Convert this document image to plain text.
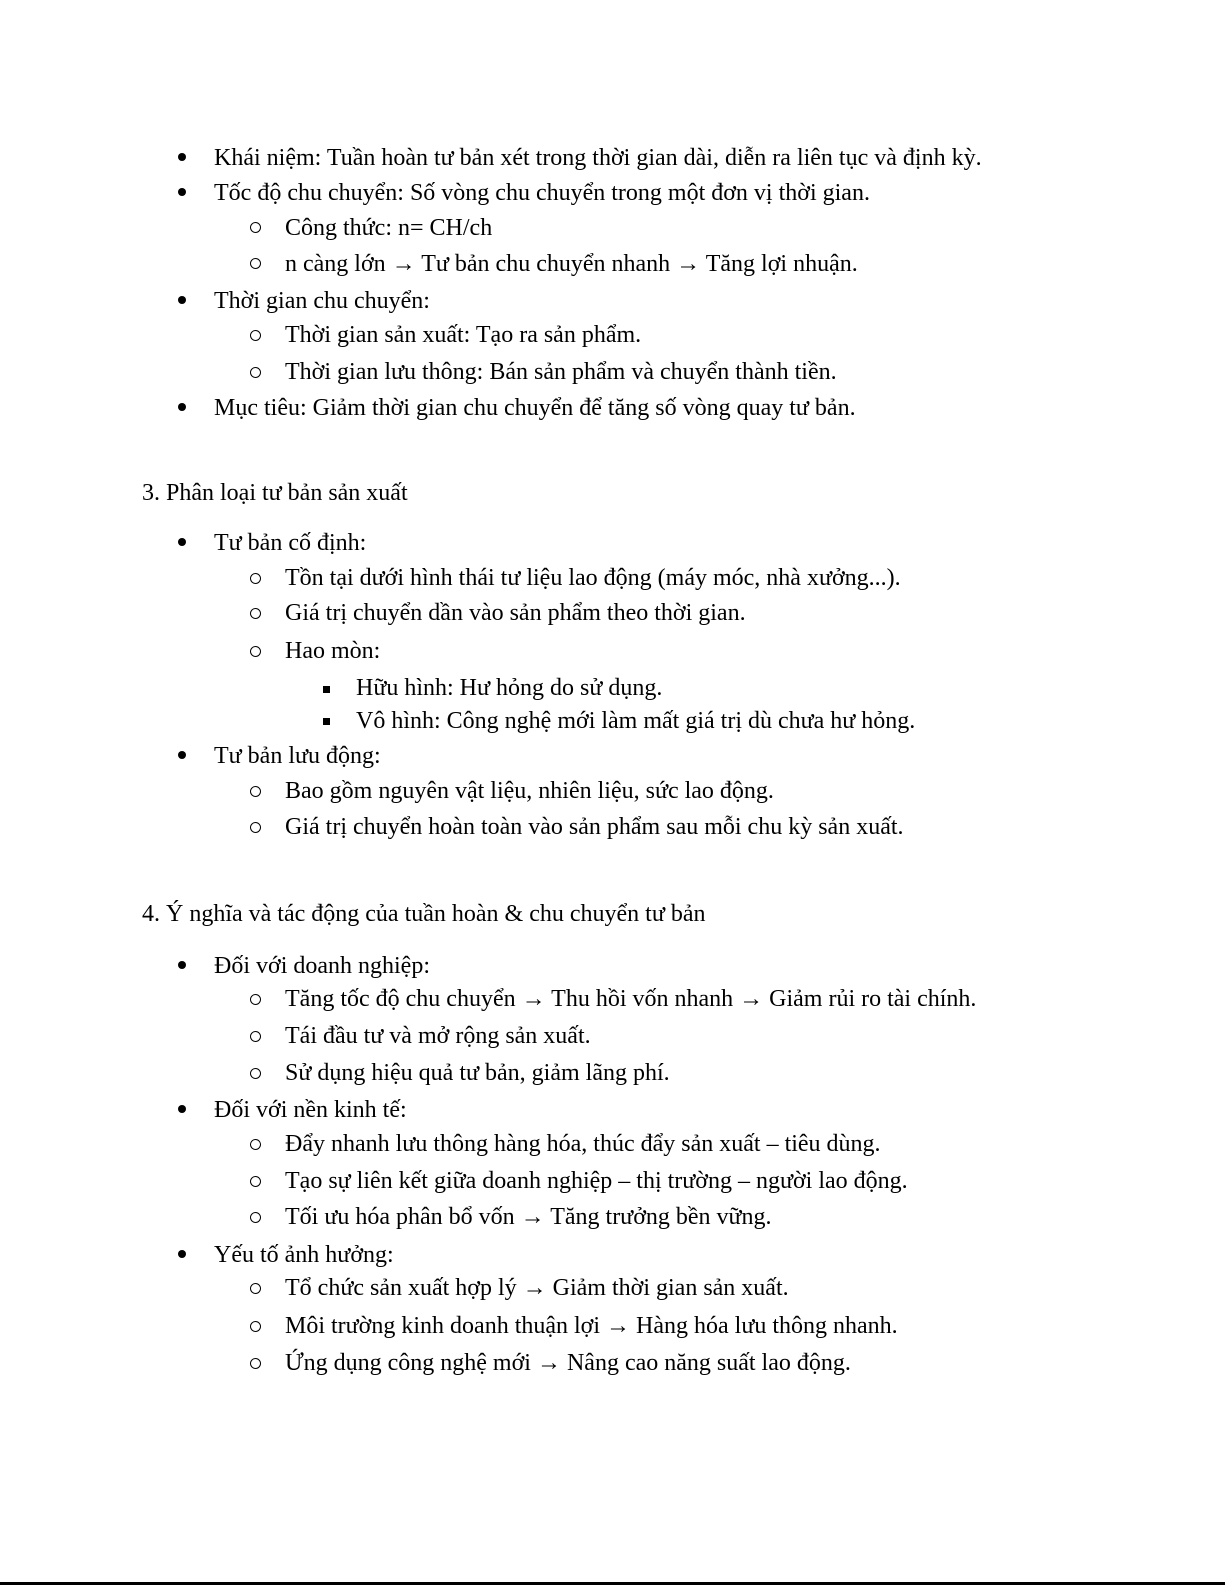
Khái niệm: Tuần hoàn tư bản xét trong thời gian dài, diễn ra liên tục và định kỳ.
Tốc độ chu chuyển: Số vòng chu chuyển trong một đơn vị thời gian.
Công thức: n= CH/ch
n càng lớn → Tư bản chu chuyển nhanh → Tăng lợi nhuận.
Thời gian chu chuyển:
Thời gian sản xuất: Tạo ra sản phẩm.
Thời gian lưu thông: Bán sản phẩm và chuyển thành tiền.
Mục tiêu: Giảm thời gian chu chuyển để tăng số vòng quay tư bản.
3. Phân loại tư bản sản xuất
Tư bản cố định:
Tồn tại dưới hình thái tư liệu lao động (máy móc, nhà xưởng...).
Giá trị chuyển dần vào sản phẩm theo thời gian.
Hao mòn:
Hữu hình: Hư hỏng do sử dụng.
Vô hình: Công nghệ mới làm mất giá trị dù chưa hư hỏng.
Tư bản lưu động:
Bao gồm nguyên vật liệu, nhiên liệu, sức lao động.
Giá trị chuyển hoàn toàn vào sản phẩm sau mỗi chu kỳ sản xuất.
4. Ý nghĩa và tác động của tuần hoàn & chu chuyển tư bản
Đối với doanh nghiệp:
Tăng tốc độ chu chuyển → Thu hồi vốn nhanh → Giảm rủi ro tài chính.
Tái đầu tư và mở rộng sản xuất.
Sử dụng hiệu quả tư bản, giảm lãng phí.
Đối với nền kinh tế:
Đẩy nhanh lưu thông hàng hóa, thúc đẩy sản xuất – tiêu dùng.
Tạo sự liên kết giữa doanh nghiệp – thị trường – người lao động.
Tối ưu hóa phân bổ vốn → Tăng trưởng bền vững.
Yếu tố ảnh hưởng:
Tổ chức sản xuất hợp lý → Giảm thời gian sản xuất.
Môi trường kinh doanh thuận lợi → Hàng hóa lưu thông nhanh.
Ứng dụng công nghệ mới → Nâng cao năng suất lao động.
